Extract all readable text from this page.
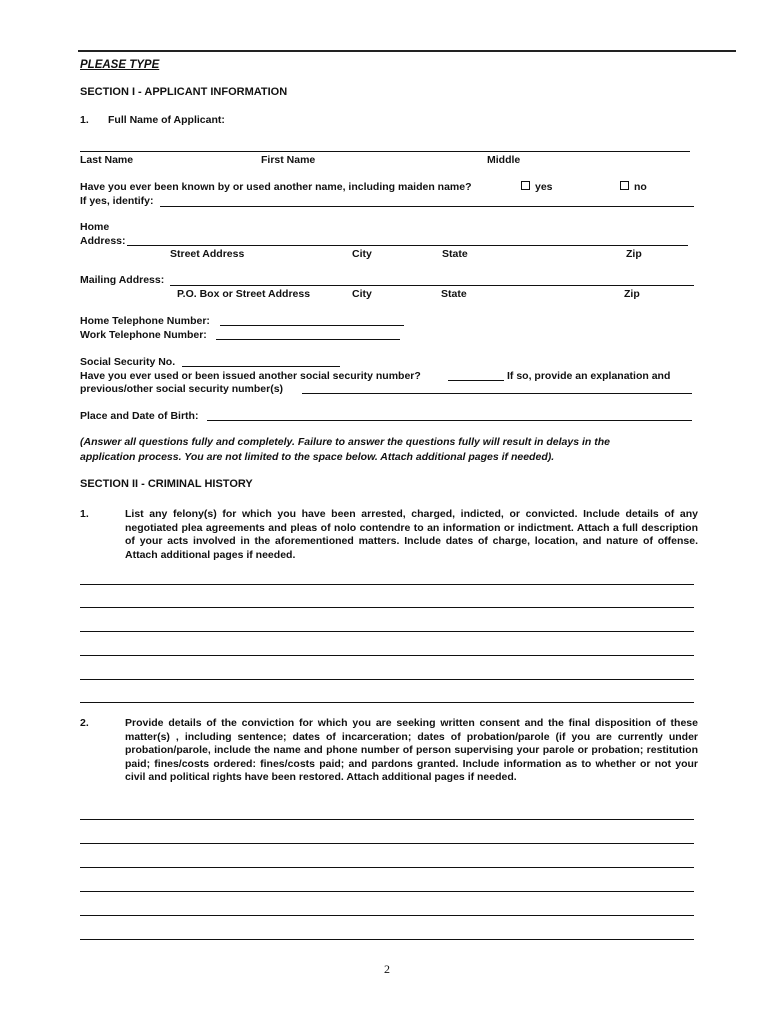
PLEASE TYPE
SECTION I - APPLICANT INFORMATION
1. Full Name of Applicant:
Last Name	First Name	Middle
Have you ever been known by or used another name, including maiden name?	yes	no
If yes, identify:
Home
Address:
Street Address	City	State	Zip
Mailing Address:
P.O. Box or Street Address	City	State	Zip
Home Telephone Number:
Work Telephone Number:
Social Security No.
Have you ever used or been issued another social security number?	If so, provide an explanation and
previous/other social security number(s)
Place and Date of Birth:
(Answer all questions fully and completely. Failure to answer the questions fully will result in delays in the
application process. You are not limited to the space below. Attach additional pages if needed).
SECTION II - CRIMINAL HISTORY
1.	List any felony(s) for which you have been arrested, charged, indicted, or convicted. Include details of any negotiated plea agreements and pleas of nolo contendre to an information or indictment. Attach a full description of your acts involved in the aforementioned matters. Include dates of charge, location, and nature of offense. Attach additional pages if needed.
2.	Provide details of the conviction for which you are seeking written consent and the final disposition of these matter(s) , including sentence; dates of incarceration; dates of probation/parole (if you are currently under probation/parole, include the name and phone number of person supervising your parole or probation; restitution paid; fines/costs ordered: fines/costs paid; and pardons granted. Include information as to whether or not your civil and political rights have been restored. Attach additional pages if needed.
2
